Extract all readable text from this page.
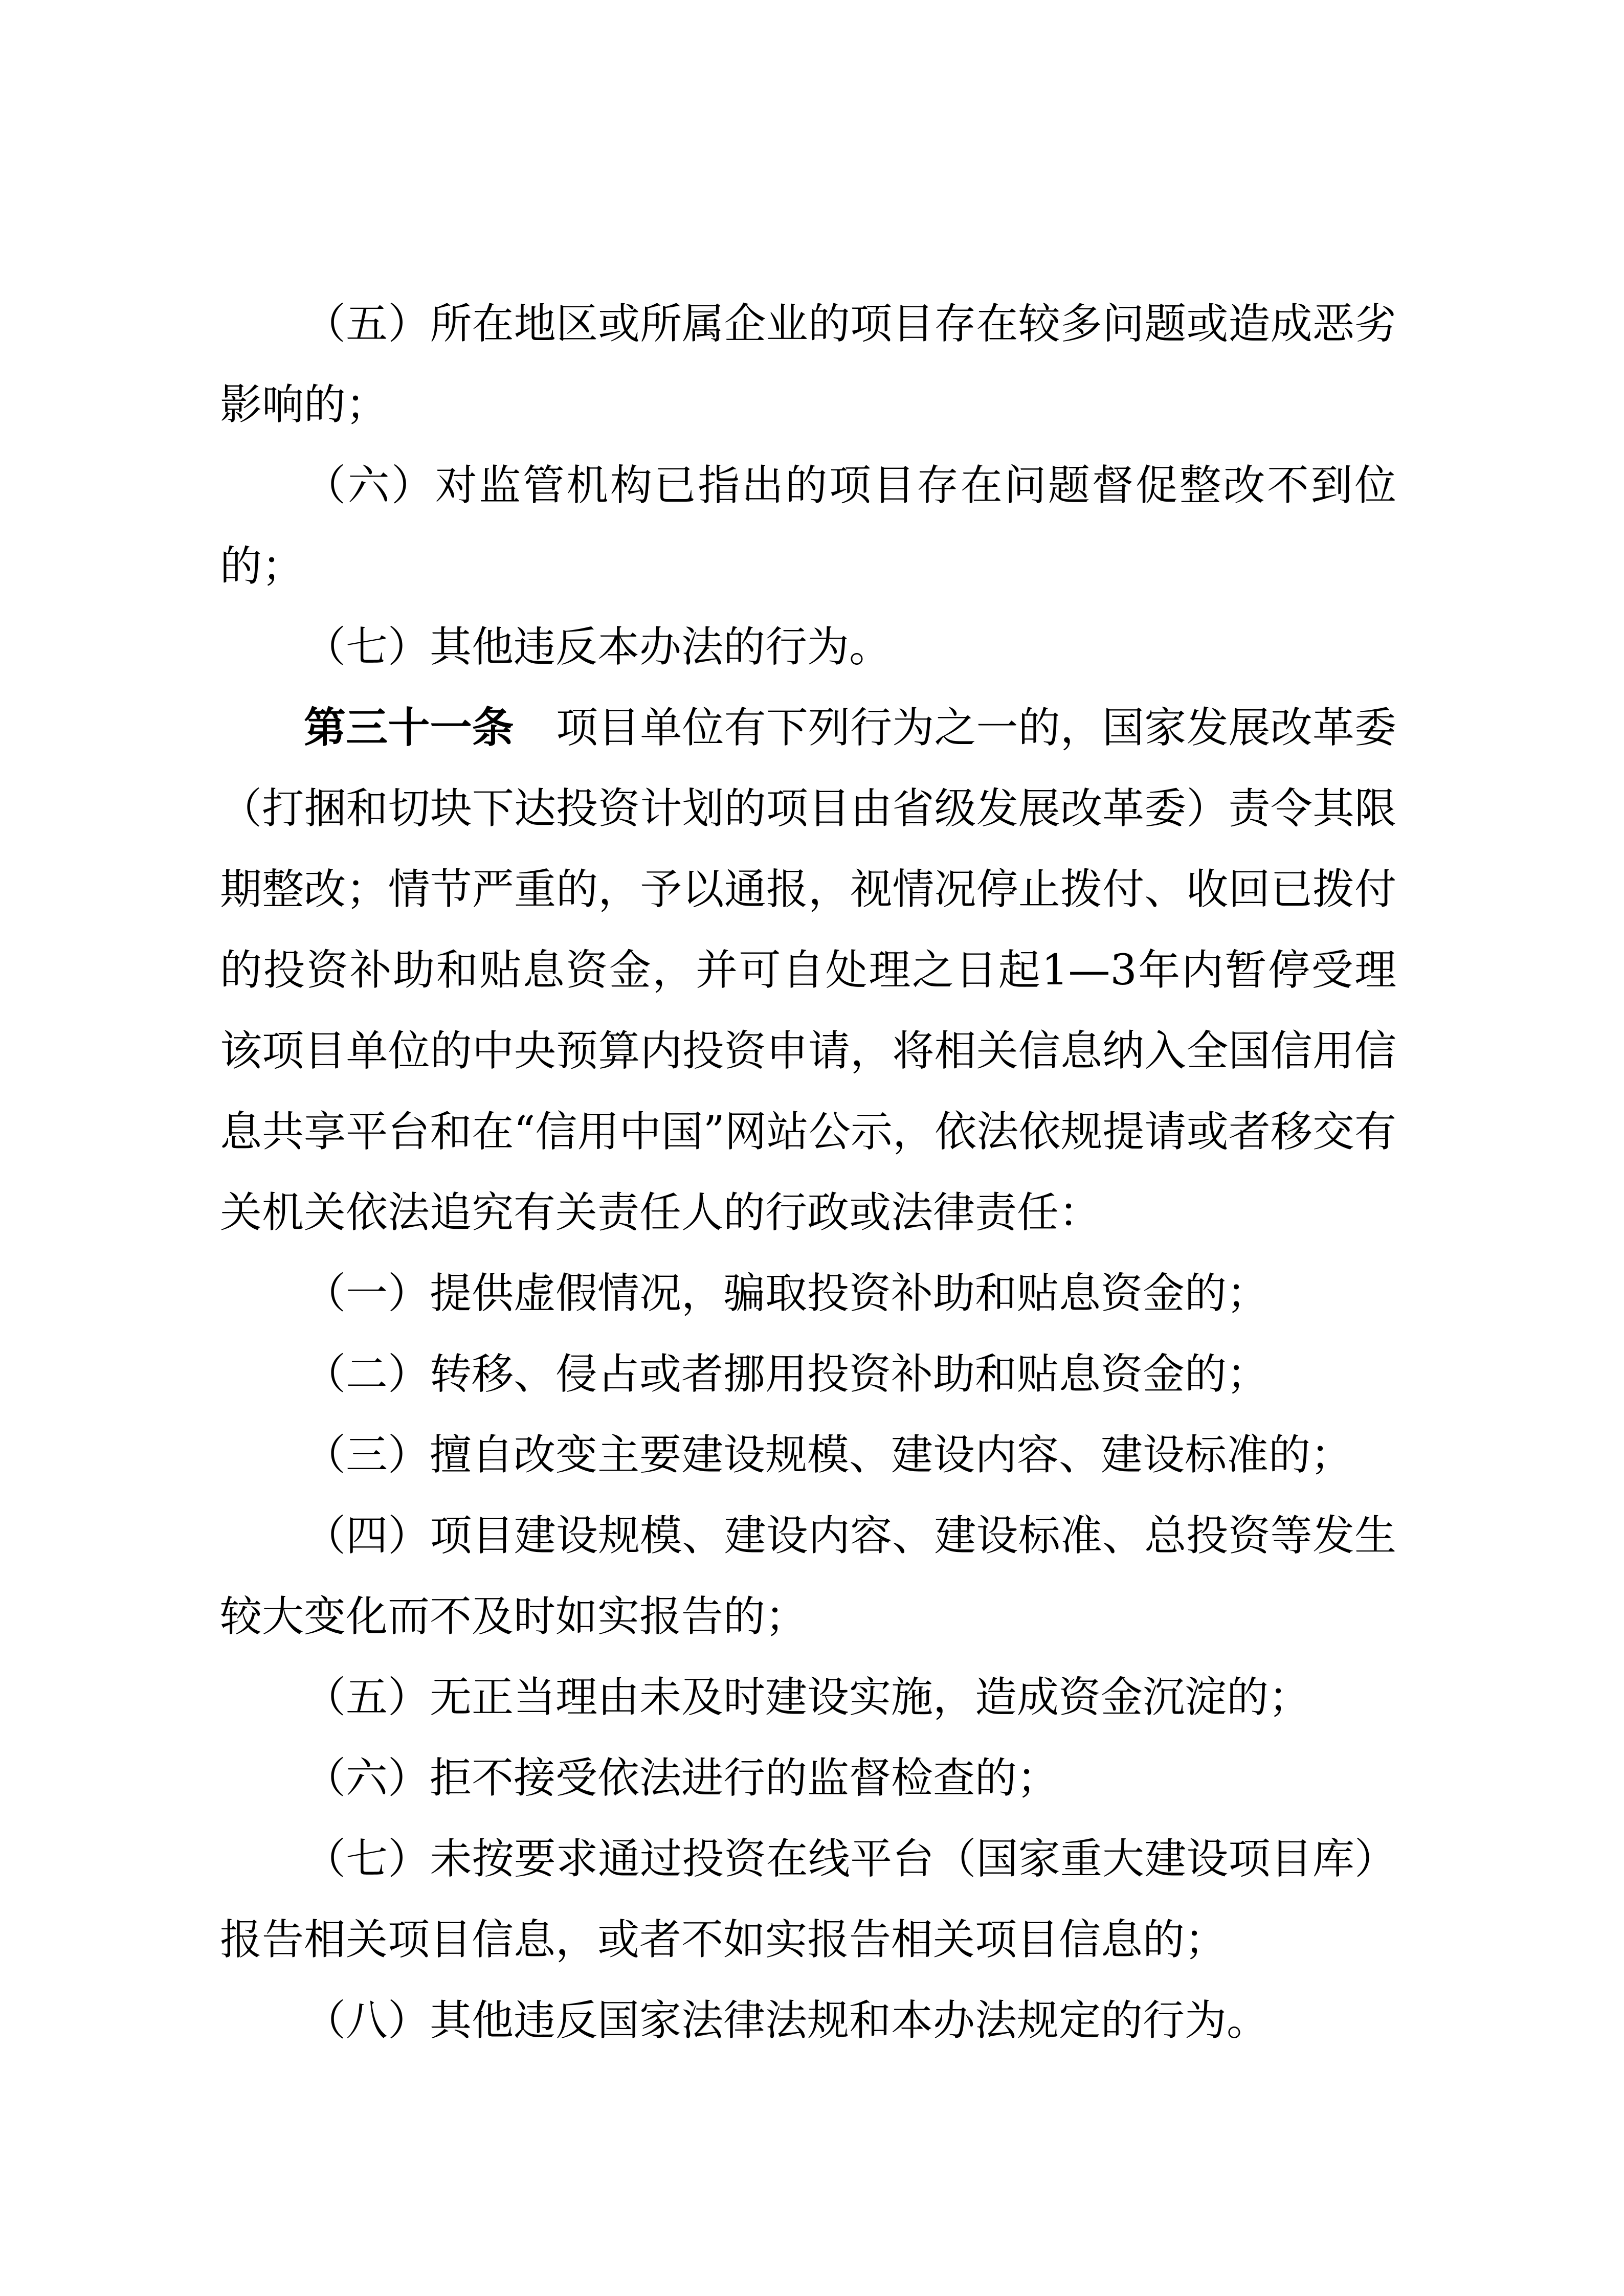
（五）所在地区或所属企业的项目存在较多问题或造成恶劣影响的；

（六）对监管机构已指出的项目存在问题督促整改不到位的；

（七）其他违反本办法的行为。

第三十一条　 项目单位有下列行为之一的，国家发展改革委（打捆和切块下达投资计划的项目由省级发展改革委）责令其限期整改；情节严重的，予以通报，视情况停止拨付、收回已拨付的投资补助和贴息资金，并可自处理之日起1—3年内暂停受理该项目单位的中央预算内投资申请，将相关信息纳入全国信用信息共享平台和在“信用中国”网站公示，依法依规提请或者移交有关机关依法追究有关责任人的行政或法律责任：

（一）提供虚假情况，骗取投资补助和贴息资金的；

（二）转移、侵占或者挪用投资补助和贴息资金的；

（三）擅自改变主要建设规模、建设内容、建设标准的；

（四）项目建设规模、建设内容、建设标准、总投资等发生较大变化而不及时如实报告的；

（五）无正当理由未及时建设实施，造成资金沉淀的；

（六）拒不接受依法进行的监督检查的；

（七）未按要求通过投资在线平台（国家重大建设项目库）报告相关项目信息，或者不如实报告相关项目信息的；

（八）其他违反国家法律法规和本办法规定的行为。
